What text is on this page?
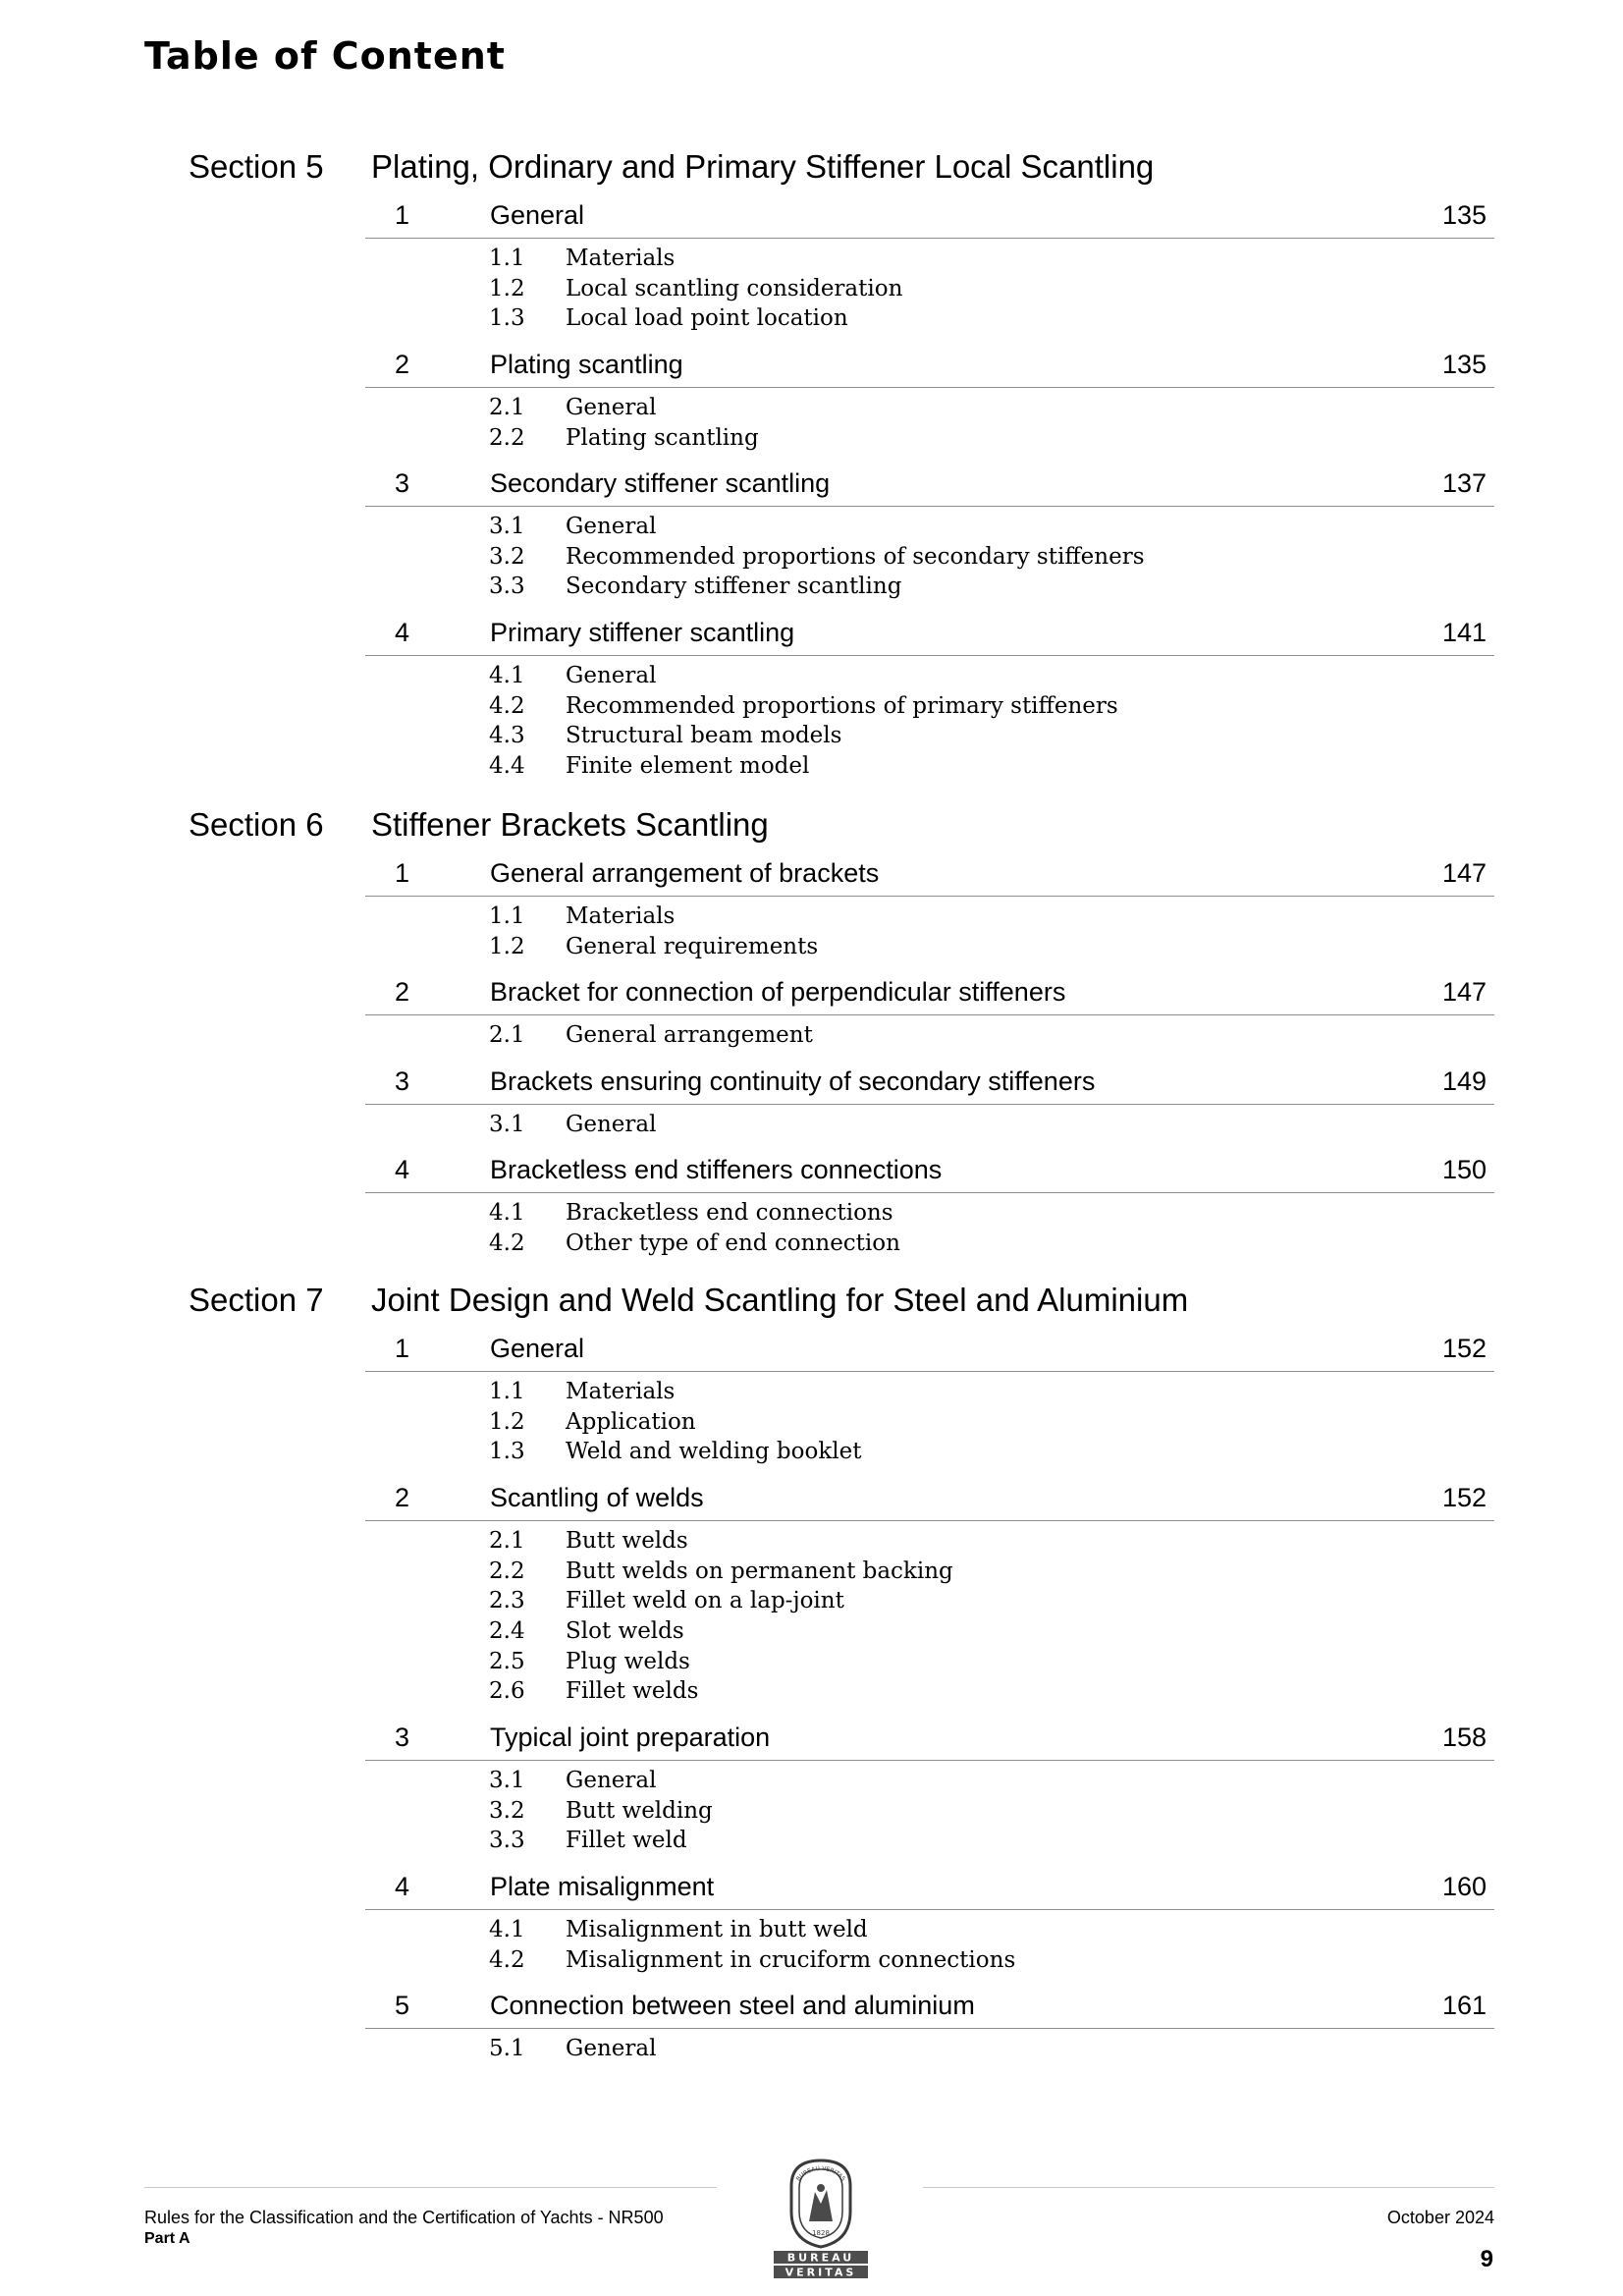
Table of Content
Section 5 Plating, Ordinary and Primary Stiffener Local Scantling
1	General	135
1.1 Materials
1.2 Local scantling consideration
1.3 Local load point location
2	Plating scantling	135
2.1 General
2.2 Plating scantling
3	Secondary stiffener scantling	137
3.1 General
3.2 Recommended proportions of secondary stiffeners
3.3 Secondary stiffener scantling
4	Primary stiffener scantling	141
4.1 General
4.2 Recommended proportions of primary stiffeners
4.3 Structural beam models
4.4 Finite element model
Section 6 Stiffener Brackets Scantling
1	General arrangement of brackets	147
1.1 Materials
1.2 General requirements
2	Bracket for connection of perpendicular stiffeners	147
2.1 General arrangement
3	Brackets ensuring continuity of secondary stiffeners	149
3.1 General
4	Bracketless end stiffeners connections	150
4.1 Bracketless end connections
4.2 Other type of end connection
Section 7 Joint Design and Weld Scantling for Steel and Aluminium
1	General	152
1.1 Materials
1.2 Application
1.3 Weld and welding booklet
2	Scantling of welds	152
2.1 Butt welds
2.2 Butt welds on permanent backing
2.3 Fillet weld on a lap-joint
2.4 Slot welds
2.5 Plug welds
2.6 Fillet welds
3	Typical joint preparation	158
3.1 General
3.2 Butt welding
3.3 Fillet weld
4	Plate misalignment	160
4.1 Misalignment in butt weld
4.2 Misalignment in cruciform connections
5	Connection between steel and aluminium	161
5.1 General
Rules for the Classification and the Certification of Yachts - NR500
Part A
October 2024
9
BUREAU
VERITAS
BUREAU VERITAS
1828
